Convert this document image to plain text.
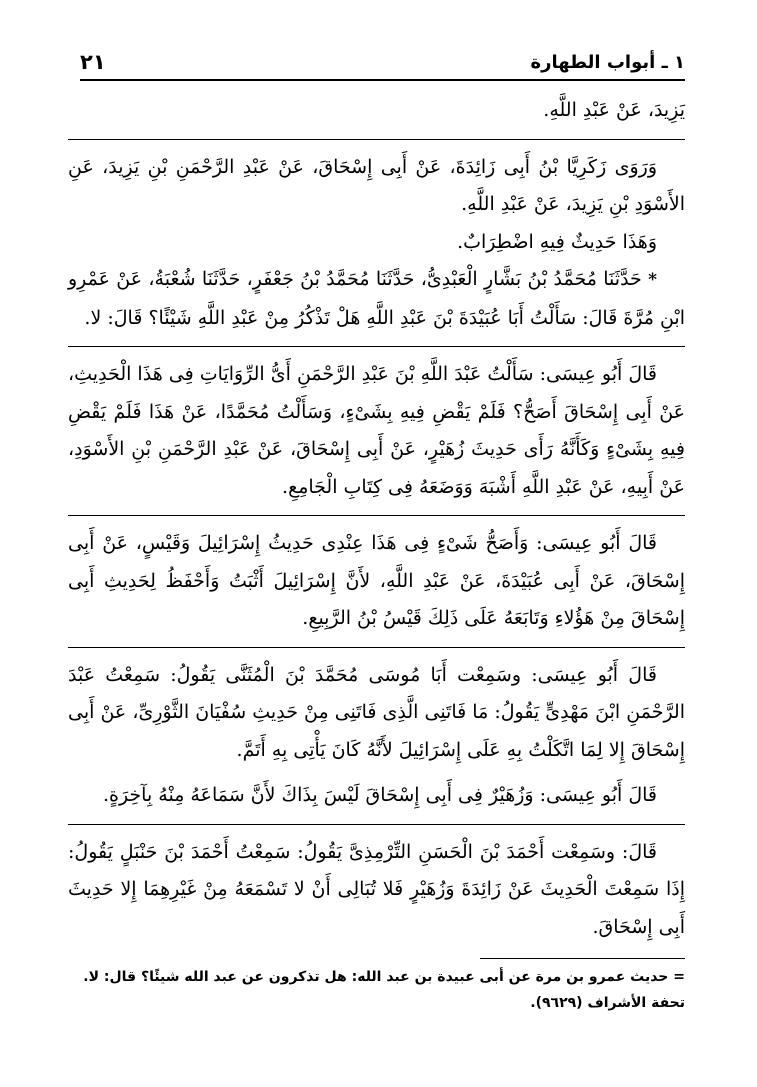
١ ـ أبواب الطهارة
٢١

يَزِيدَ، عَنْ عَبْدِ اللَّهِ.

وَرَوَى زَكَرِيَّا بْنُ أَبِى زَائِدَةَ، عَنْ أَبِى إِسْحَاقَ، عَنْ عَبْدِ الرَّحْمَنِ بْنِ يَزِيدَ، عَنِ الأَسْوَدِ بْنِ يَزِيدَ، عَنْ عَبْدِ اللَّهِ.

وَهَذَا حَدِيثٌ فِيهِ اضْطِرَابٌ.

* حَدَّثَنَا مُحَمَّدُ بْنُ بَشَّارٍ الْعَبْدِىُّ، حَدَّثَنَا مُحَمَّدُ بْنُ جَعْفَرٍ، حَدَّثَنَا شُعْبَةُ، عَنْ عَمْرِو ابْنِ مُرَّةَ قَالَ: سَأَلْتُ أَبَا عُبَيْدَةَ بْنَ عَبْدِ اللَّهِ هَلْ تَذْكُرُ مِنْ عَبْدِ اللَّهِ شَيْئًا؟ قَالَ: لا.

قَالَ أَبُو عِيسَى: سَأَلْتُ عَبْدَ اللَّهِ بْنَ عَبْدِ الرَّحْمَنِ أَىُّ الرِّوَايَاتِ فِى هَذَا الْحَدِيثِ، عَنْ أَبِى إِسْحَاقَ أَصَحُّ؟ فَلَمْ يَقْضِ فِيهِ بِشَىْءٍ، وَسَأَلْتُ مُحَمَّدًا، عَنْ هَذَا فَلَمْ يَقْضِ فِيهِ بِشَىْءٍ وَكَأَنَّهُ رَأَى حَدِيثَ زُهَيْرٍ، عَنْ أَبِى إِسْحَاقَ، عَنْ عَبْدِ الرَّحْمَنِ بْنِ الأَسْوَدِ، عَنْ أَبِيهِ، عَنْ عَبْدِ اللَّهِ أَشْبَهَ وَوَضَعَهُ فِى كِتَابِ الْجَامِعِ.

قَالَ أَبُو عِيسَى: وَأَصَحُّ شَىْءٍ فِى هَذَا عِنْدِى حَدِيثُ إِسْرَائِيلَ وَقَيْسٍ، عَنْ أَبِى إِسْحَاقَ، عَنْ أَبِى عُبَيْدَةَ، عَنْ عَبْدِ اللَّهِ، لأَنَّ إِسْرَائِيلَ أَثْبَتُ وَأَحْفَظُ لِحَدِيثِ أَبِى إِسْحَاقَ مِنْ هَؤُلاءِ وَتَابَعَهُ عَلَى ذَلِكَ قَيْسُ بْنُ الرَّبِيعِ.

قَالَ أَبُو عِيسَى: وسَمِعْت أَبَا مُوسَى مُحَمَّدَ بْنَ الْمُثَنَّى يَقُولُ: سَمِعْتُ عَبْدَ الرَّحْمَنِ ابْنَ مَهْدِىٍّ يَقُولُ: مَا فَاتَنِى الَّذِى فَاتَنِى مِنْ حَدِيثِ سُفْيَانَ الثَّوْرِىِّ، عَنْ أَبِى إِسْحَاقَ إِلا لِمَا اتَّكَلْتُ بِهِ عَلَى إِسْرَائِيلَ لأَنَّهُ كَانَ يَأْتِى بِهِ أَتَمَّ.

قَالَ أَبُو عِيسَى: وَزُهَيْرٌ فِى أَبِى إِسْحَاقَ لَيْسَ بِذَاكَ لأَنَّ سَمَاعَهُ مِنْهُ بِآخِرَةٍ.

قَالَ: وسَمِعْت أَحْمَدَ بْنَ الْحَسَنِ التِّرْمِذِىَّ يَقُولُ: سَمِعْتُ أَحْمَدَ بْنَ حَنْبَلٍ يَقُولُ: إِذَا سَمِعْتَ الْحَدِيثَ عَنْ زَائِدَةَ وَزُهَيْرٍ فَلا تُبَالِى أَنْ لا تَسْمَعَهُ مِنْ غَيْرِهِمَا إِلا حَدِيثَ أَبِى إِسْحَاقَ.

= حديث عمرو بن مرة عن أبى عبيدة بن عبد الله: هل تذكرون عن عبد الله شيئًا؟ قال: لا.
تحفة الأشراف (٩٦٢٩).
